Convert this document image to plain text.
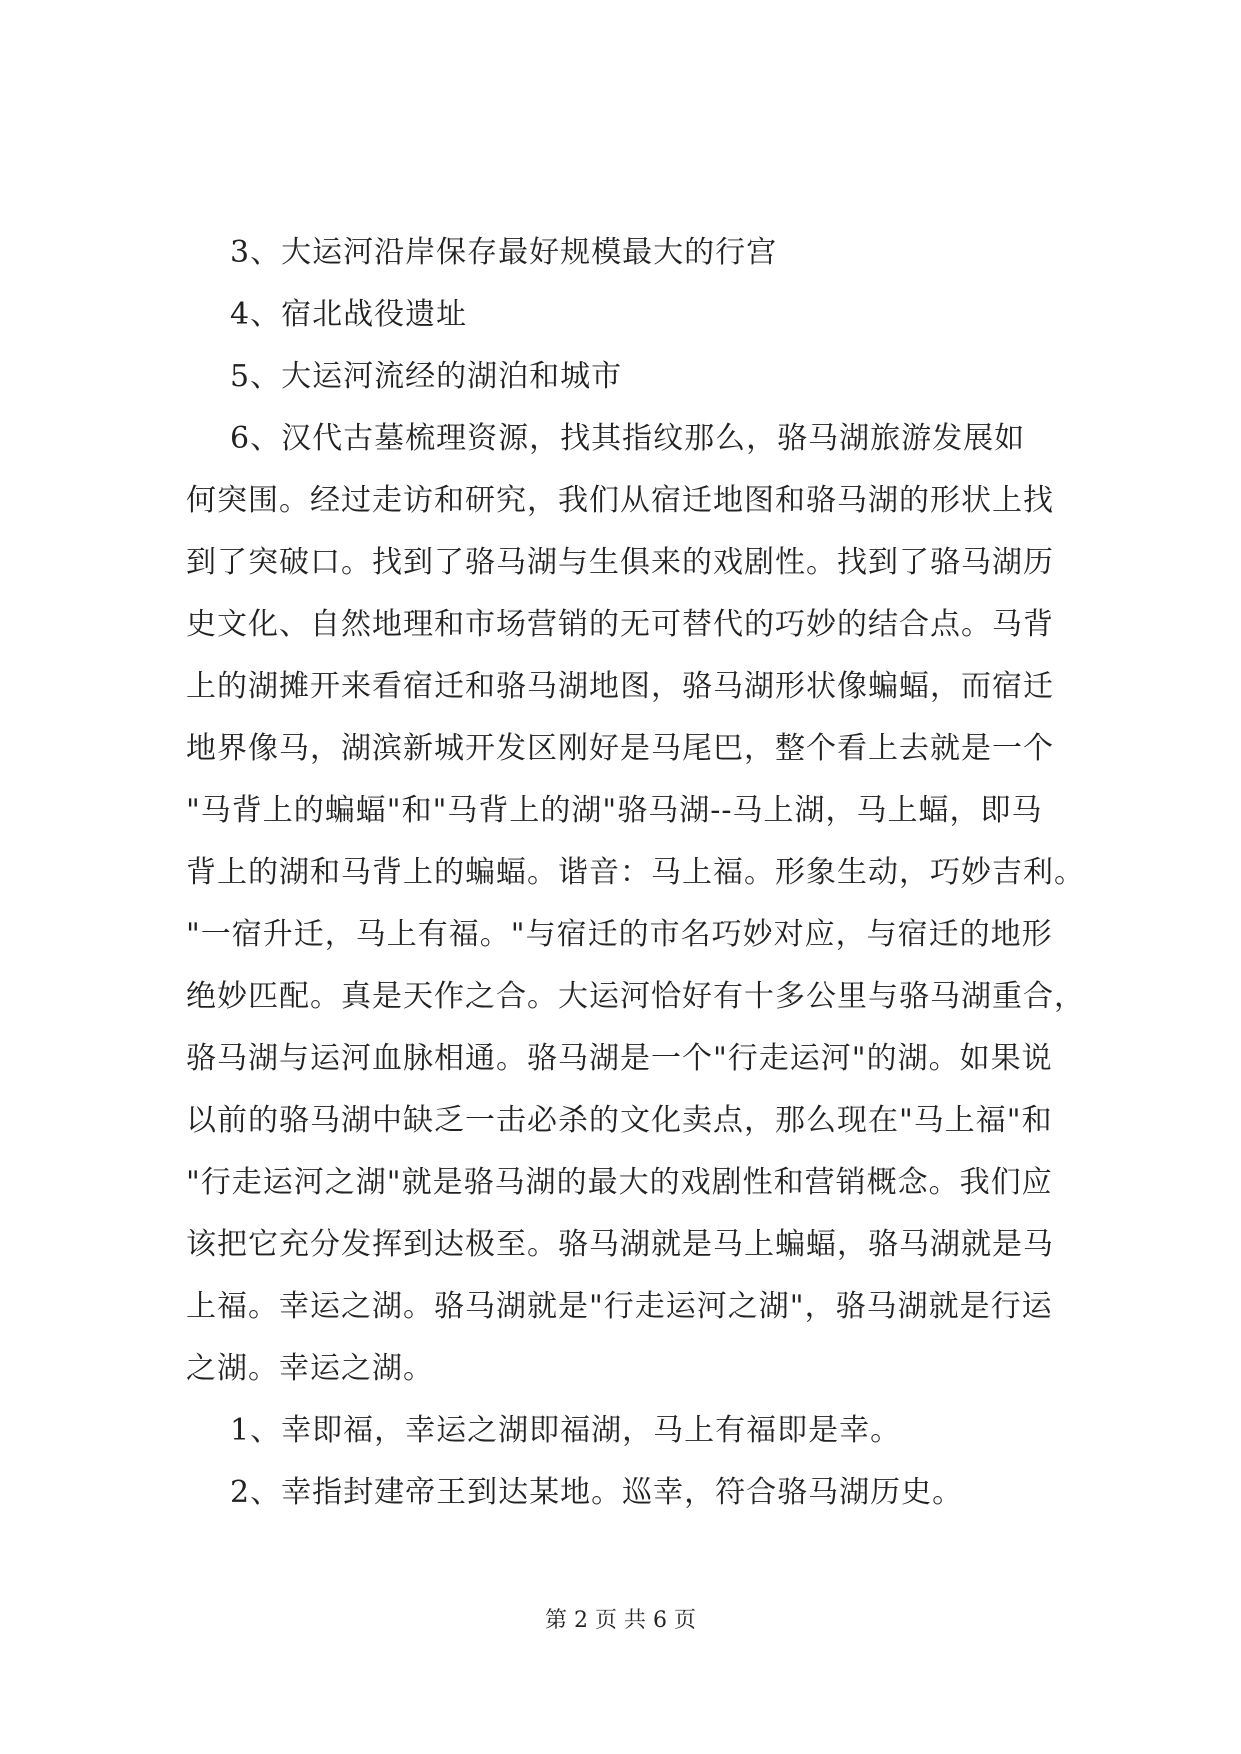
3、大运河沿岸保存最好规模最大的行宫
4、宿北战役遗址
5、大运河流经的湖泊和城市
6、汉代古墓梳理资源，找其指纹那么，骆马湖旅游发展如
何突围。经过走访和研究，我们从宿迁地图和骆马湖的形状上找
到了突破口。找到了骆马湖与生俱来的戏剧性。找到了骆马湖历
史文化、自然地理和市场营销的无可替代的巧妙的结合点。马背
上的湖摊开来看宿迁和骆马湖地图，骆马湖形状像蝙蝠，而宿迁
地界像马，湖滨新城开发区刚好是马尾巴，整个看上去就是一个
"马背上的蝙蝠"和"马背上的湖"骆马湖--马上湖，马上蝠，即马
背上的湖和马背上的蝙蝠。谐音：马上福。形象生动，巧妙吉利。
"一宿升迁，马上有福。"与宿迁的市名巧妙对应，与宿迁的地形
绝妙匹配。真是天作之合。大运河恰好有十多公里与骆马湖重合，
骆马湖与运河血脉相通。骆马湖是一个"行走运河"的湖。如果说
以前的骆马湖中缺乏一击必杀的文化卖点，那么现在"马上福"和
"行走运河之湖"就是骆马湖的最大的戏剧性和营销概念。我们应
该把它充分发挥到达极至。骆马湖就是马上蝙蝠，骆马湖就是马
上福。幸运之湖。骆马湖就是"行走运河之湖"，骆马湖就是行运
之湖。幸运之湖。
1、幸即福，幸运之湖即福湖，马上有福即是幸。
2、幸指封建帝王到达某地。巡幸，符合骆马湖历史。
第 2 页 共 6 页
